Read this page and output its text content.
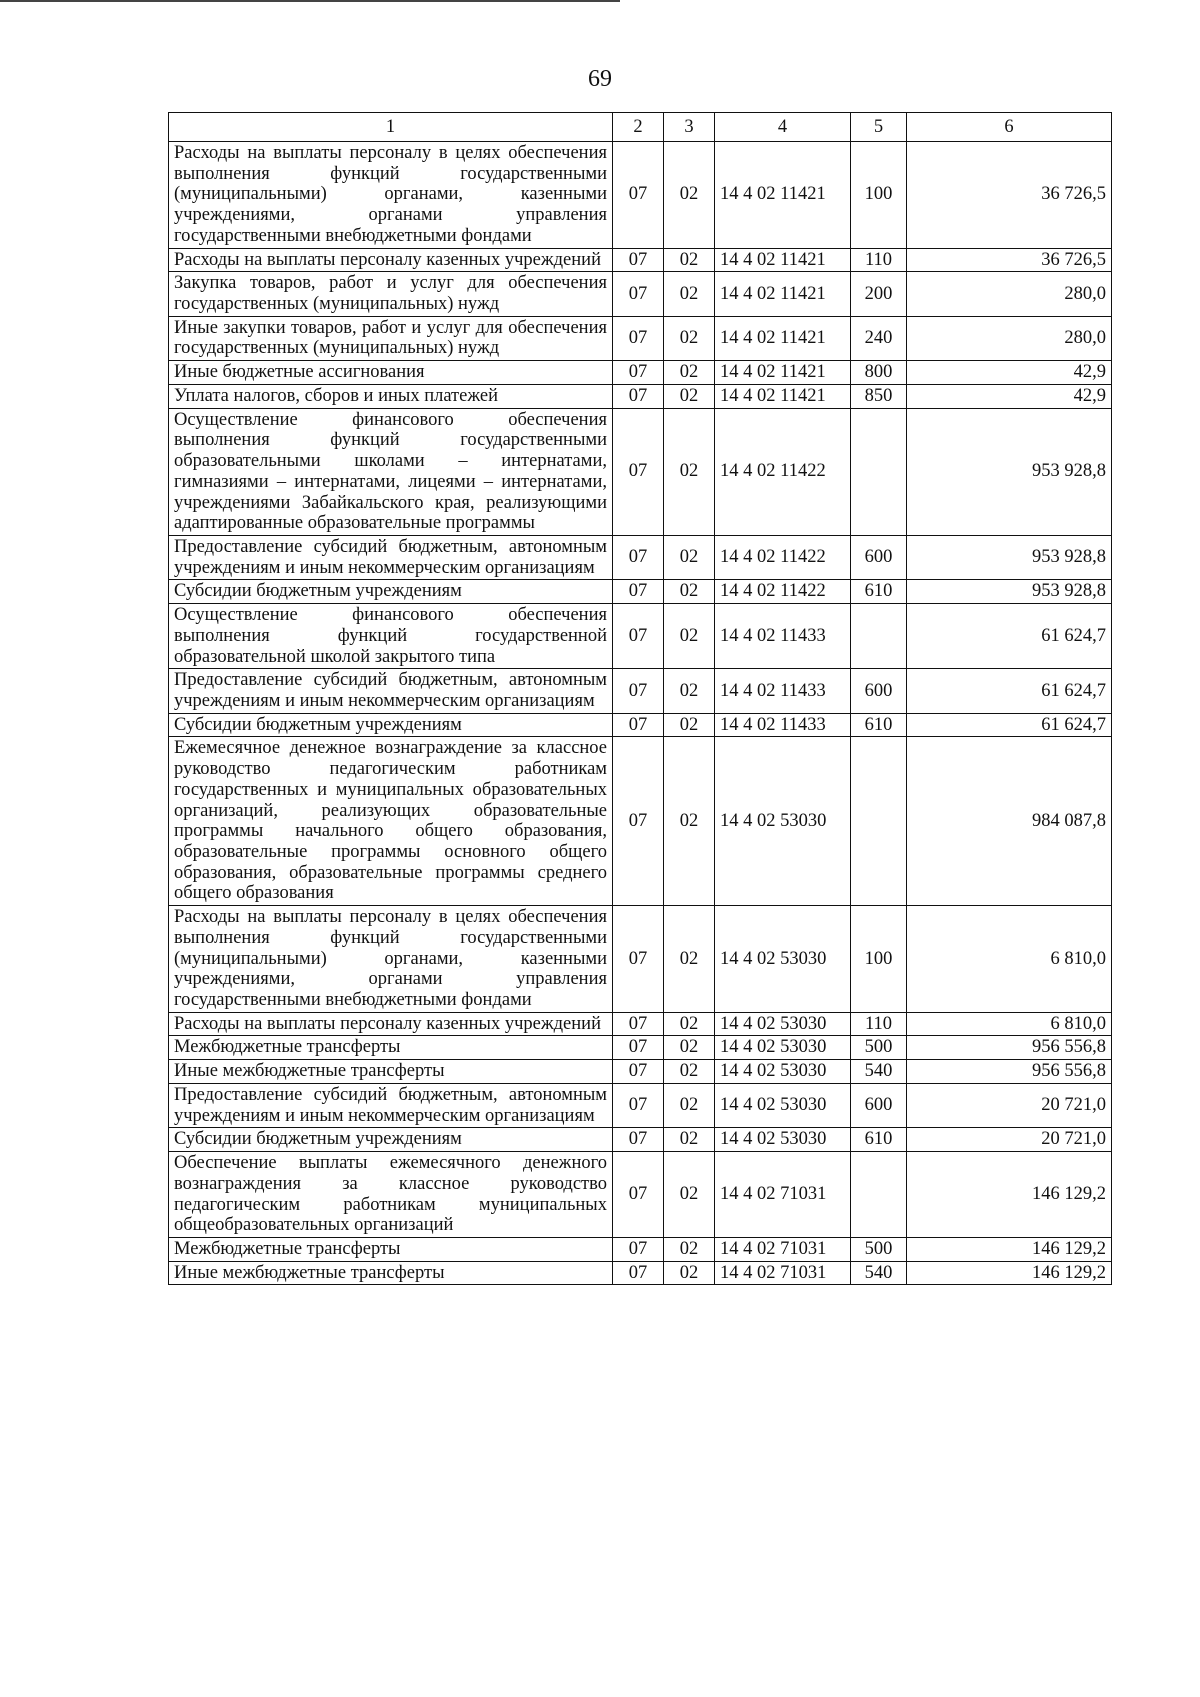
69
1	2	3	4	5	6
Расходы на выплаты персоналу в целях обеспечения выполнения функций государственными (муниципальными) органами, казенными учреждениями, органами управления государственными внебюджетными фондами	07	02	14 4 02 11421	100	36 726,5
Расходы на выплаты персоналу казенных учреждений	07	02	14 4 02 11421	110	36 726,5
Закупка товаров, работ и услуг для обеспечения государственных (муниципальных) нужд	07	02	14 4 02 11421	200	280,0
Иные закупки товаров, работ и услуг для обеспечения государственных (муниципальных) нужд	07	02	14 4 02 11421	240	280,0
Иные бюджетные ассигнования	07	02	14 4 02 11421	800	42,9
Уплата налогов, сборов и иных платежей	07	02	14 4 02 11421	850	42,9
Осуществление финансового обеспечения выполнения функций государственными образовательными школами – интернатами, гимназиями – интернатами, лицеями – интернатами, учреждениями Забайкальского края, реализующими адаптированные образовательные программы	07	02	14 4 02 11422		953 928,8
Предоставление субсидий бюджетным, автономным учреждениям и иным некоммерческим организациям	07	02	14 4 02 11422	600	953 928,8
Субсидии бюджетным учреждениям	07	02	14 4 02 11422	610	953 928,8
Осуществление финансового обеспечения выполнения функций государственной образовательной школой закрытого типа	07	02	14 4 02 11433		61 624,7
Предоставление субсидий бюджетным, автономным учреждениям и иным некоммерческим организациям	07	02	14 4 02 11433	600	61 624,7
Субсидии бюджетным учреждениям	07	02	14 4 02 11433	610	61 624,7
Ежемесячное денежное вознаграждение за классное руководство педагогическим работникам государственных и муниципальных образовательных организаций, реализующих образовательные программы начального общего образования, образовательные программы основного общего образования, образовательные программы среднего общего образования	07	02	14 4 02 53030		984 087,8
Расходы на выплаты персоналу в целях обеспечения выполнения функций государственными (муниципальными) органами, казенными учреждениями, органами управления государственными внебюджетными фондами	07	02	14 4 02 53030	100	6 810,0
Расходы на выплаты персоналу казенных учреждений	07	02	14 4 02 53030	110	6 810,0
Межбюджетные трансферты	07	02	14 4 02 53030	500	956 556,8
Иные межбюджетные трансферты	07	02	14 4 02 53030	540	956 556,8
Предоставление субсидий бюджетным, автономным учреждениям и иным некоммерческим организациям	07	02	14 4 02 53030	600	20 721,0
Субсидии бюджетным учреждениям	07	02	14 4 02 53030	610	20 721,0
Обеспечение выплаты ежемесячного денежного вознаграждения за классное руководство педагогическим работникам муниципальных общеобразовательных организаций	07	02	14 4 02 71031		146 129,2
Межбюджетные трансферты	07	02	14 4 02 71031	500	146 129,2
Иные межбюджетные трансферты	07	02	14 4 02 71031	540	146 129,2
